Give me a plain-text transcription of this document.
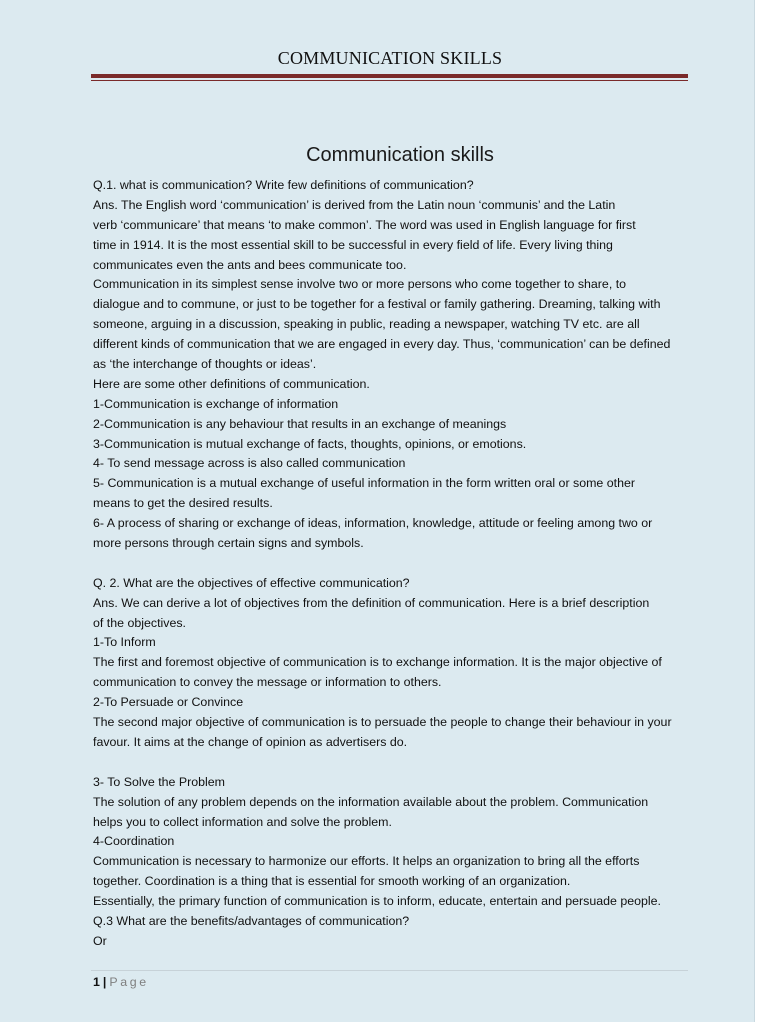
COMMUNICATION SKILLS
Communication skills
Q.1. what is communication? Write few definitions of communication?
Ans. The English word ‘communication’ is derived from the Latin noun ‘communis’ and the Latin
verb ‘communicare’ that means ‘to make common’. The word was used in English language for first
time in 1914. It is the most essential skill to be successful in every field of life. Every living thing
communicates even the ants and bees communicate too.
Communication in its simplest sense involve two or more persons who come together to share, to
dialogue and to commune, or just to be together for a festival or family gathering. Dreaming, talking with
someone, arguing in a discussion, speaking in public, reading a newspaper, watching TV etc. are all
different kinds of communication that we are engaged in every day. Thus, ‘communication’ can be defined
as ‘the interchange of thoughts or ideas’.
Here are some other definitions of communication.
1-Communication is exchange of information
2-Communication is any behaviour that results in an exchange of meanings
3-Communication is mutual exchange of facts, thoughts, opinions, or emotions.
4- To send message across is also called communication
5- Communication is a mutual exchange of useful information in the form written oral or some other
means to get the desired results.
6- A process of sharing or exchange of ideas, information, knowledge, attitude or feeling among two or
more persons through certain signs and symbols.
Q. 2. What are the objectives of effective communication?
Ans. We can derive a lot of objectives from the definition of communication. Here is a brief description
of the objectives.
1-To Inform
The first and foremost objective of communication is to exchange information. It is the major objective of
communication to convey the message or information to others.
2-To Persuade or Convince
The second major objective of communication is to persuade the people to change their behaviour in your
favour. It aims at the change of opinion as advertisers do.
3- To Solve the Problem
The solution of any problem depends on the information available about the problem. Communication
helps you to collect information and solve the problem.
4-Coordination
Communication is necessary to harmonize our efforts. It helps an organization to bring all the efforts
together. Coordination is a thing that is essential for smooth working of an organization.
Essentially, the primary function of communication is to inform, educate, entertain and persuade people.
Q.3 What are the benefits/advantages of communication?
Or
1 | Page
